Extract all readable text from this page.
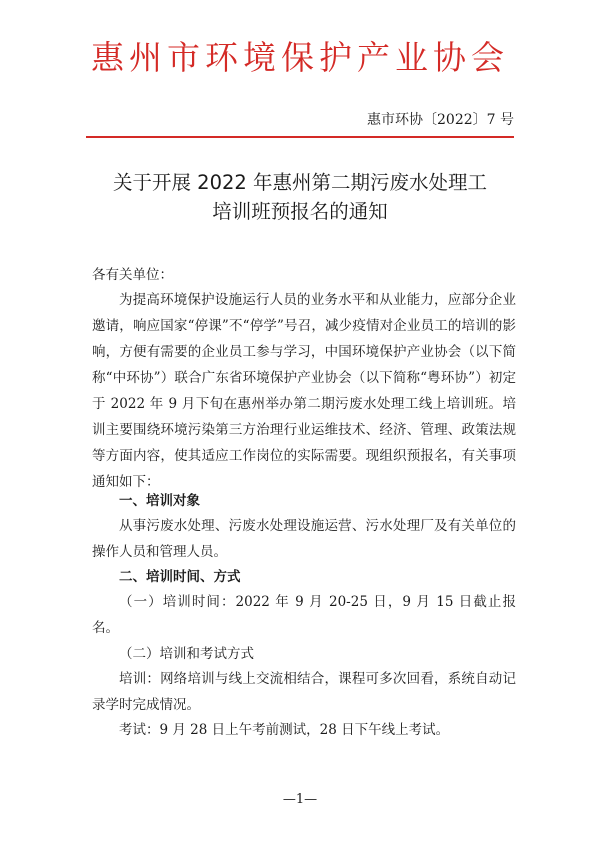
惠州市环境保护产业协会
惠市环协〔2022〕7 号
关于开展 2022 年惠州第二期污废水处理工
培训班预报名的通知
各有关单位：
为提高环境保护设施运行人员的业务水平和从业能力，应部分企业邀请，响应国家“停课”不“停学”号召，减少疫情对企业员工的培训的影响，方便有需要的企业员工参与学习，中国环境保护产业协会（以下简称“中环协”）联合广东省环境保护产业协会（以下简称“粤环协”）初定于 2022 年 9 月下旬在惠州举办第二期污废水处理工线上培训班。培训主要围绕环境污染第三方治理行业运维技术、经济、管理、政策法规等方面内容，使其适应工作岗位的实际需要。现组织预报名，有关事项通知如下：
一、培训对象
从事污废水处理、污废水处理设施运营、污水处理厂及有关单位的操作人员和管理人员。
二、培训时间、方式
（一）培训时间：2022 年 9 月 20-25 日，9 月 15 日截止报名。
（二）培训和考试方式
培训：网络培训与线上交流相结合，课程可多次回看，系统自动记录学时完成情况。
考试：9 月 28 日上午考前测试，28 日下午线上考试。
—1—
